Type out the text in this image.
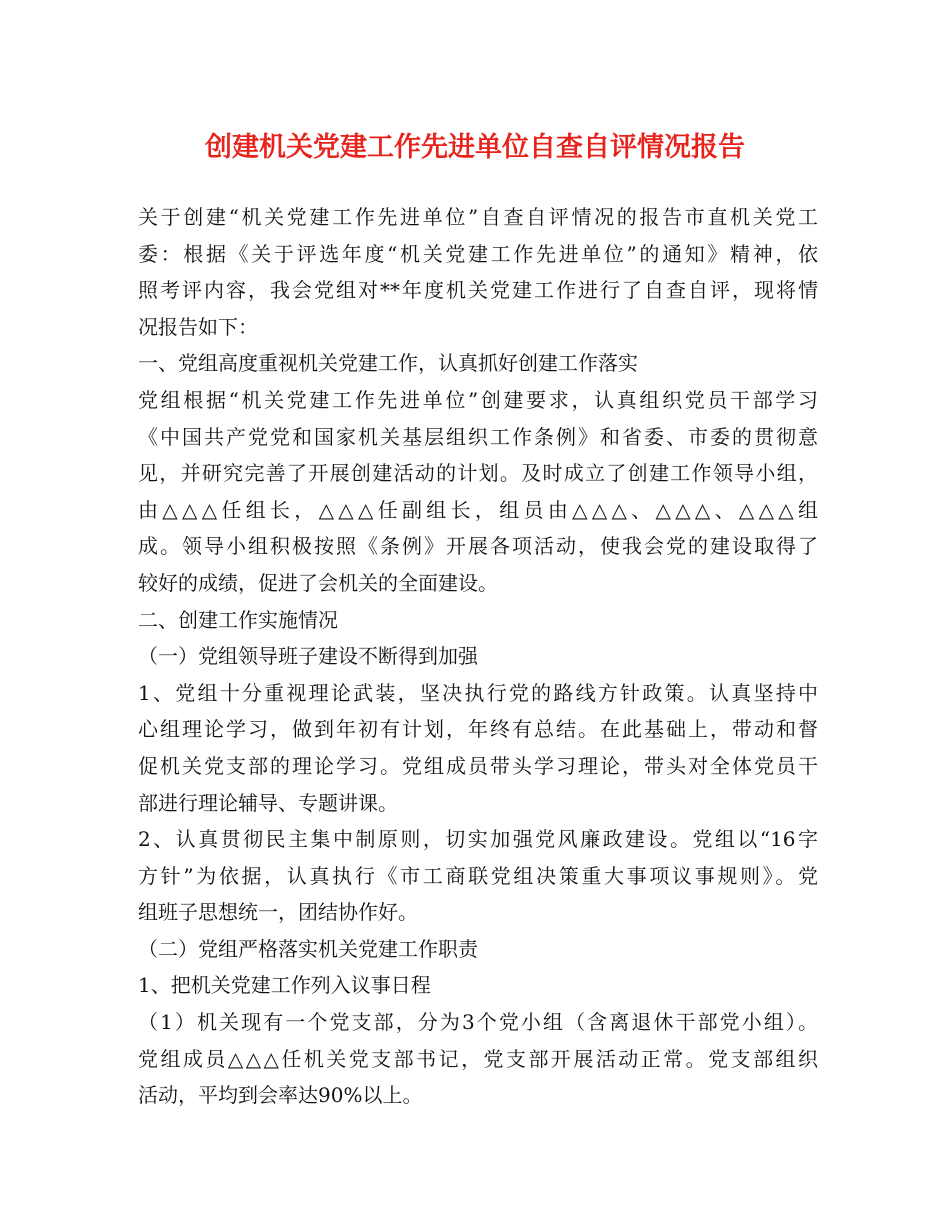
创建机关党建工作先进单位自查自评情况报告
关于创建“机关党建工作先进单位”自查自评情况的报告市直机关党工
委：根据《关于评选年度“机关党建工作先进单位”的通知》精神，依
照考评内容，我会党组对**年度机关党建工作进行了自查自评，现将情
况报告如下：
一、党组高度重视机关党建工作，认真抓好创建工作落实
党组根据“机关党建工作先进单位”创建要求，认真组织党员干部学习
《中国共产党党和国家机关基层组织工作条例》和省委、市委的贯彻意
见，并研究完善了开展创建活动的计划。及时成立了创建工作领导小组，
由△△△任组长，△△△任副组长，组员由△△△、△△△、△△△组
成。领导小组积极按照《条例》开展各项活动，使我会党的建设取得了
较好的成绩，促进了会机关的全面建设。
二、创建工作实施情况
（一）党组领导班子建设不断得到加强
1、党组十分重视理论武装，坚决执行党的路线方针政策。认真坚持中
心组理论学习，做到年初有计划，年终有总结。在此基础上，带动和督
促机关党支部的理论学习。党组成员带头学习理论，带头对全体党员干
部进行理论辅导、专题讲课。
2、认真贯彻民主集中制原则，切实加强党风廉政建设。党组以“16字
方针”为依据，认真执行《市工商联党组决策重大事项议事规则》。党
组班子思想统一，团结协作好。
（二）党组严格落实机关党建工作职责
1、把机关党建工作列入议事日程
（1）机关现有一个党支部，分为3个党小组（含离退休干部党小组）。
党组成员△△△任机关党支部书记，党支部开展活动正常。党支部组织
活动，平均到会率达90%以上。
